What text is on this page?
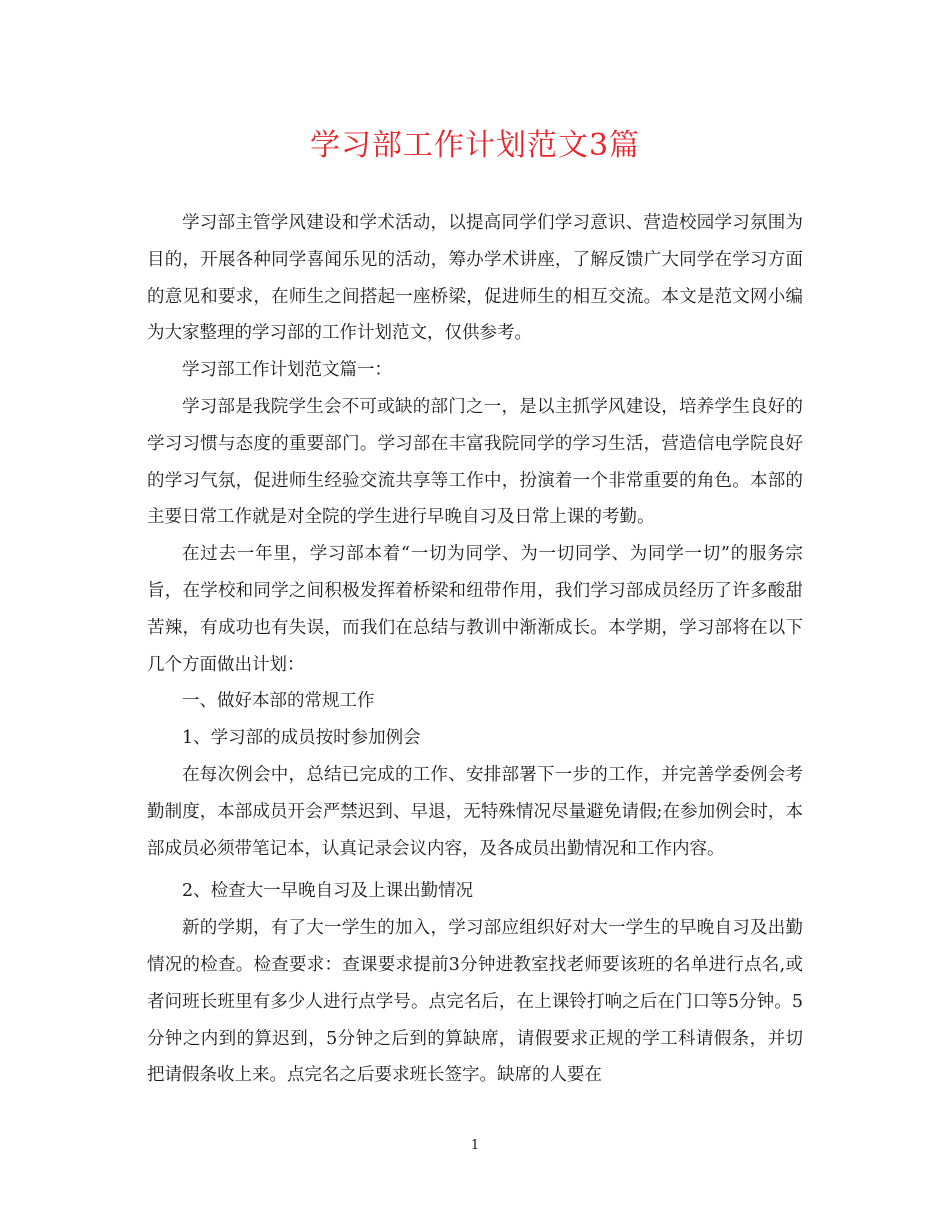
学习部工作计划范文3篇

学习部主管学风建设和学术活动，以提高同学们学习意识、营造校园学习氛围为目的，开展各种同学喜闻乐见的活动，筹办学术讲座，了解反馈广大同学在学习方面的意见和要求，在师生之间搭起一座桥梁，促进师生的相互交流。本文是范文网小编为大家整理的学习部的工作计划范文，仅供参考。

学习部工作计划范文篇一：

学习部是我院学生会不可或缺的部门之一，是以主抓学风建设，培养学生良好的学习习惯与态度的重要部门。学习部在丰富我院同学的学习生活，营造信电学院良好的学习气氛，促进师生经验交流共享等工作中，扮演着一个非常重要的角色。本部的主要日常工作就是对全院的学生进行早晚自习及日常上课的考勤。

在过去一年里，学习部本着“一切为同学、为一切同学、为同学一切”的服务宗旨，在学校和同学之间积极发挥着桥梁和纽带作用，我们学习部成员经历了许多酸甜苦辣，有成功也有失误，而我们在总结与教训中渐渐成长。本学期，学习部将在以下几个方面做出计划：

一、做好本部的常规工作

1、学习部的成员按时参加例会

在每次例会中，总结已完成的工作、安排部署下一步的工作，并完善学委例会考勤制度，本部成员开会严禁迟到、早退，无特殊情况尽量避免请假;在参加例会时，本部成员必须带笔记本，认真记录会议内容，及各成员出勤情况和工作内容。

2、检查大一早晚自习及上课出勤情况

新的学期，有了大一学生的加入，学习部应组织好对大一学生的早晚自习及出勤情况的检查。检查要求：查课要求提前3分钟进教室找老师要该班的名单进行点名,或者问班长班里有多少人进行点学号。点完名后，在上课铃打响之后在门口等5分钟。5分钟之内到的算迟到，5分钟之后到的算缺席，请假要求正规的学工科请假条，并切把请假条收上来。点完名之后要求班长签字。缺席的人要在

1
